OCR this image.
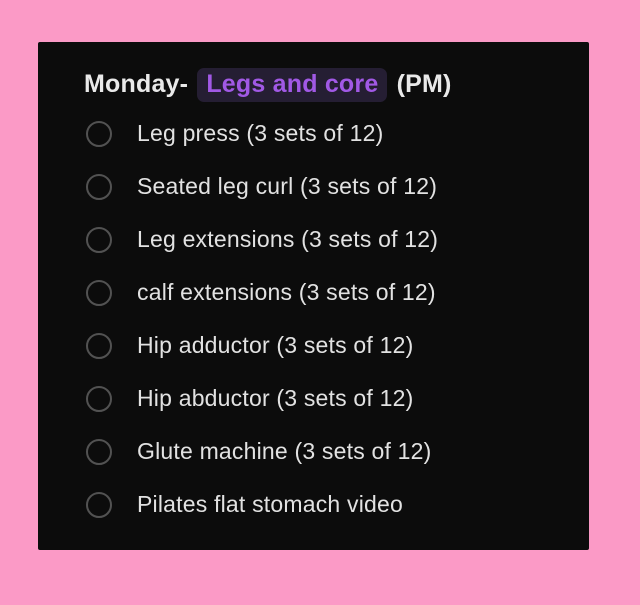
Monday- Legs and core (PM)
Leg press (3 sets of 12)
Seated leg curl (3 sets of 12)
Leg extensions (3 sets of 12)
calf extensions (3 sets of 12)
Hip adductor (3 sets of 12)
Hip abductor (3 sets of 12)
Glute machine (3 sets of 12)
Pilates flat stomach video
